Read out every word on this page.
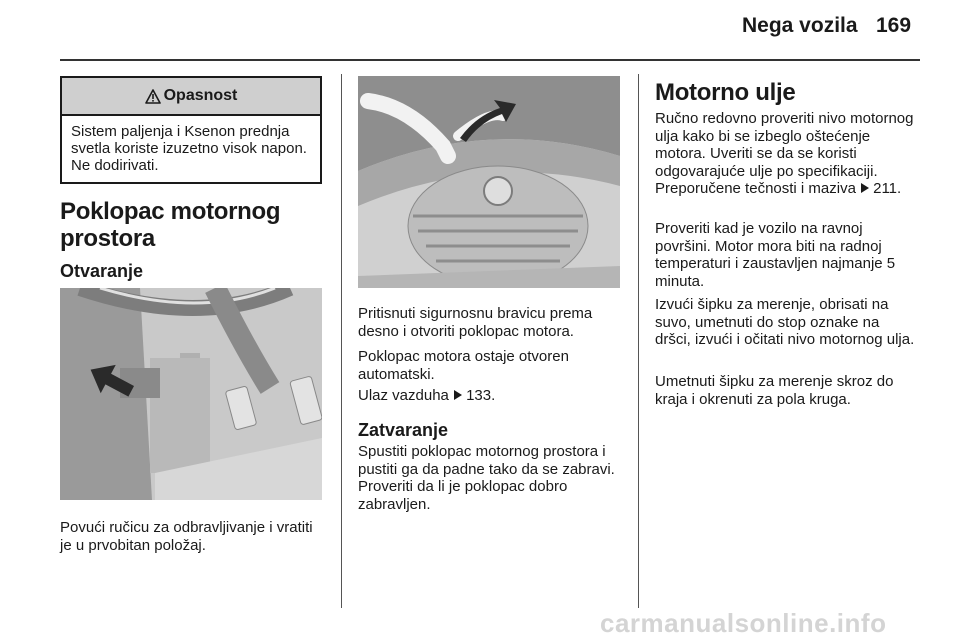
Nega vozila 169
Opasnost
Sistem paljenja i Ksenon prednja svetla koriste izuzetno visok napon. Ne dodirivati.
Poklopac motornog prostora
Otvaranje
Povući ručicu za odbravljivanje i vratiti je u prvobitan položaj.
Pritisnuti sigurnosnu bravicu prema desno i otvoriti poklopac motora.
Poklopac motora ostaje otvoren automatski.
Ulaz vazduha 133.
Zatvaranje
Spustiti poklopac motornog prostora i pustiti ga da padne tako da se zabravi. Proveriti da li je poklopac dobro zabravljen.
Motorno ulje
Ručno redovno proveriti nivo motornog ulja kako bi se izbeglo oštećenje motora. Uveriti se da se koristi odgovarajuće ulje po specifikaciji. Preporučene tečnosti i maziva 211.
Proveriti kad je vozilo na ravnoj površini. Motor mora biti na radnoj temperaturi i zaustavljen najmanje 5 minuta.
Izvući šipku za merenje, obrisati na suvo, umetnuti do stop oznake na dršci, izvući i očitati nivo motornog ulja.
Umetnuti šipku za merenje skroz do kraja i okrenuti za pola kruga.
carmanualsonline.info
